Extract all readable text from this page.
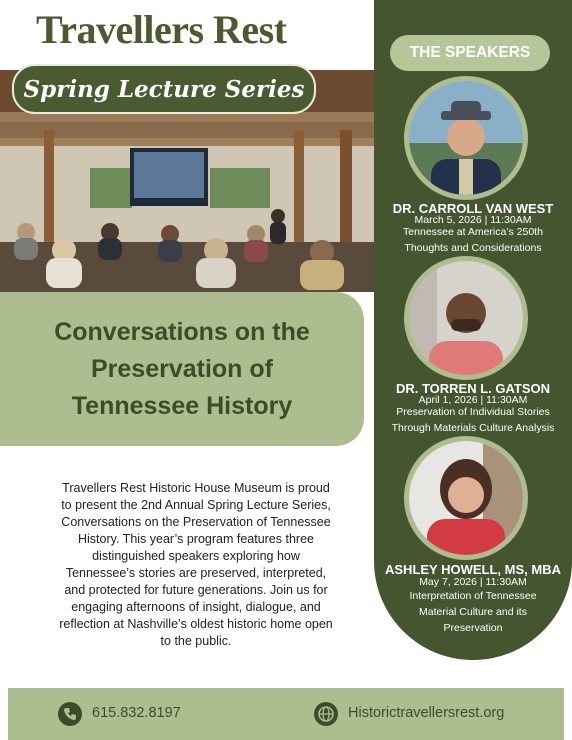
Travellers Rest
THE SPEAKERS
Spring Lecture Series
Conversations on the
Preservation of
Tennessee History
Travellers Rest Historic House Museum is proud
to present the 2nd Annual Spring Lecture Series,
Conversations on the Preservation of Tennessee
History. This year’s program features three
distinguished speakers exploring how
Tennessee’s stories are preserved, interpreted,
and protected for future generations. Join us for
engaging afternoons of insight, dialogue, and
reflection at Nashville’s oldest historic home open
to the public.
DR. CARROLL VAN WEST
March 5, 2026 | 11:30AM
Tennessee at America’s 250th
Thoughts and Considerations
DR. TORREN L. GATSON
April 1, 2026 | 11:30AM
Preservation of Individual Stories
Through Materials Culture Analysis
ASHLEY HOWELL, MS, MBA
May 7, 2026 | 11:30AM
Interpretation of Tennessee
Material Culture and its
Preservation
615.832.8197	Historictravellersrest.org
